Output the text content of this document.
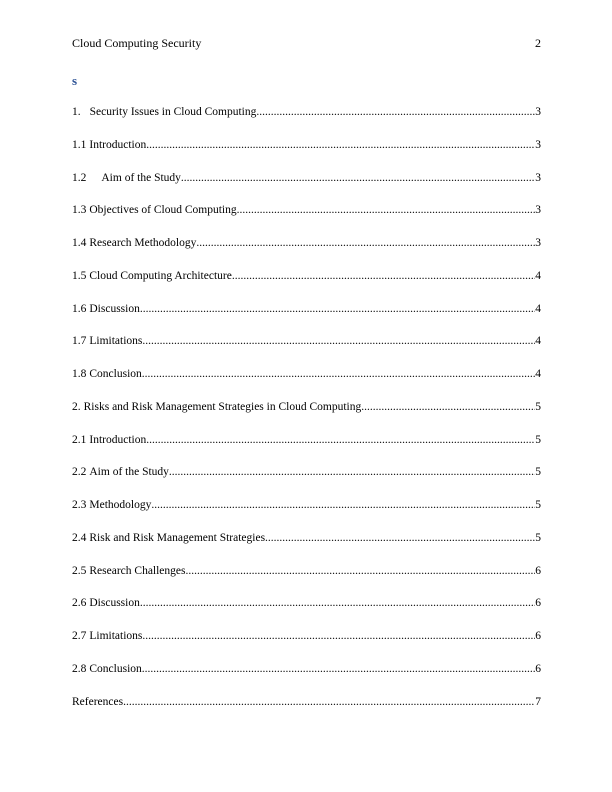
Cloud Computing Security	2
s
1. Security Issues in Cloud Computing .....	3
1.1 Introduction .....	3
1.2	Aim of the Study .....	3
1.3 Objectives of Cloud Computing .....	3
1.4 Research Methodology .....	3
1.5 Cloud Computing Architecture .....	4
1.6 Discussion .....	4
1.7 Limitations .....	4
1.8 Conclusion .....	4
2. Risks and Risk Management Strategies in Cloud Computing .....	5
2.1 Introduction .....	5
2.2 Aim of the Study .....	5
2.3 Methodology .....	5
2.4 Risk and Risk Management Strategies .....	5
2.5 Research Challenges .....	6
2.6 Discussion .....	6
2.7 Limitations .....	6
2.8 Conclusion .....	6
References .....	7
